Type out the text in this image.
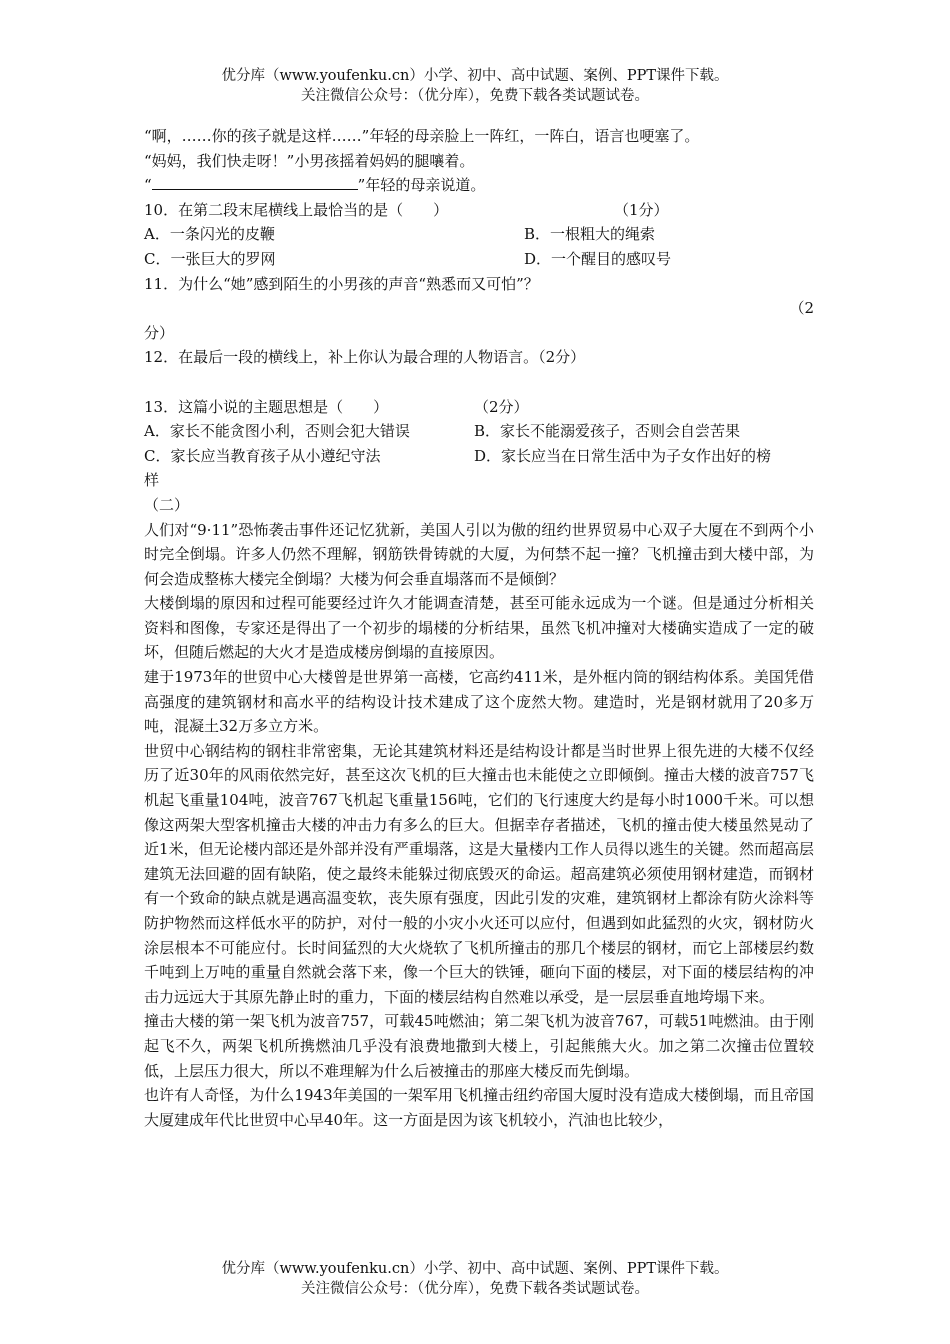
优分库（www.youfenku.cn）小学、初中、高中试题、案例、PPT课件下载。
关注微信公众号：（优分库），免费下载各类试题试卷。

“啊，……你的孩子就是这样……”年轻的母亲脸上一阵红，一阵白，语言也哽塞了。

“妈妈，我们快走呀！”小男孩摇着妈妈的腿嚷着。

“	”年轻的母亲说道。

10．在第二段末尾横线上最恰当的是（　　）	（1分）
A．一条闪光的皮鞭	B．一根粗大的绳索
C．一张巨大的罗网	D．一个醒目的感叹号

11．为什么“她”感到陌生的小男孩的声音“熟悉而又可怕”？

（2

分）

12．在最后一段的横线上，补上你认为最合理的人物语言。（2分）

13．这篇小说的主题思想是（　　）	（2分）
A．家长不能贪图小利，否则会犯大错误	B．家长不能溺爱孩子，否则会自尝苦果
C．家长应当教育孩子从小遵纪守法	D．家长应当在日常生活中为子女作出好的榜

样

（二）

人们对“9·11”恐怖袭击事件还记忆犹新，美国人引以为傲的纽约世界贸易中心双子大厦在不到两个小时完全倒塌。许多人仍然不理解，钢筋铁骨铸就的大厦，为何禁不起一撞？飞机撞击到大楼中部，为何会造成整栋大楼完全倒塌？大楼为何会垂直塌落而不是倾倒？

大楼倒塌的原因和过程可能要经过许久才能调查清楚，甚至可能永远成为一个谜。但是通过分析相关资料和图像，专家还是得出了一个初步的塌楼的分析结果，虽然飞机冲撞对大楼确实造成了一定的破坏，但随后燃起的大火才是造成楼房倒塌的直接原因。

建于1973年的世贸中心大楼曾是世界第一高楼，它高约411米，是外框内筒的钢结构体系。美国凭借高强度的建筑钢材和高水平的结构设计技术建成了这个庞然大物。建造时，光是钢材就用了20多万吨，混凝土32万多立方米。

世贸中心钢结构的钢柱非常密集，无论其建筑材料还是结构设计都是当时世界上很先进的大楼不仅经历了近30年的风雨依然完好，甚至这次飞机的巨大撞击也未能使之立即倾倒。撞击大楼的波音757飞机起飞重量104吨，波音767飞机起飞重量156吨，它们的飞行速度大约是每小时1000千米。可以想像这两架大型客机撞击大楼的冲击力有多么的巨大。但据幸存者描述，飞机的撞击使大楼虽然晃动了近1米，但无论楼内部还是外部并没有严重塌落，这是大量楼内工作人员得以逃生的关键。然而超高层建筑无法回避的固有缺陷，使之最终未能躲过彻底毁灭的命运。超高建筑必须使用钢材建造，而钢材有一个致命的缺点就是遇高温变软，丧失原有强度，因此引发的灾难，建筑钢材上都涂有防火涂料等防护物然而这样低水平的防护，对付一般的小灾小火还可以应付，但遇到如此猛烈的火灾，钢材防火涂层根本不可能应付。长时间猛烈的大火烧软了飞机所撞击的那几个楼层的钢材，而它上部楼层约数千吨到上万吨的重量自然就会落下来，像一个巨大的铁锤，砸向下面的楼层，对下面的楼层结构的冲击力远远大于其原先静止时的重力，下面的楼层结构自然难以承受，是一层层垂直地垮塌下来。

撞击大楼的第一架飞机为波音757，可载45吨燃油；第二架飞机为波音767，可载51吨燃油。由于刚起飞不久，两架飞机所携燃油几乎没有浪费地撒到大楼上，引起熊熊大火。加之第二次撞击位置较低，上层压力很大，所以不难理解为什么后被撞击的那座大楼反而先倒塌。

也许有人奇怪，为什么1943年美国的一架军用飞机撞击纽约帝国大厦时没有造成大楼倒塌，而且帝国大厦建成年代比世贸中心早40年。这一方面是因为该飞机较小，汽油也比较少，

优分库（www.youfenku.cn）小学、初中、高中试题、案例、PPT课件下载。
关注微信公众号：（优分库），免费下载各类试题试卷。
